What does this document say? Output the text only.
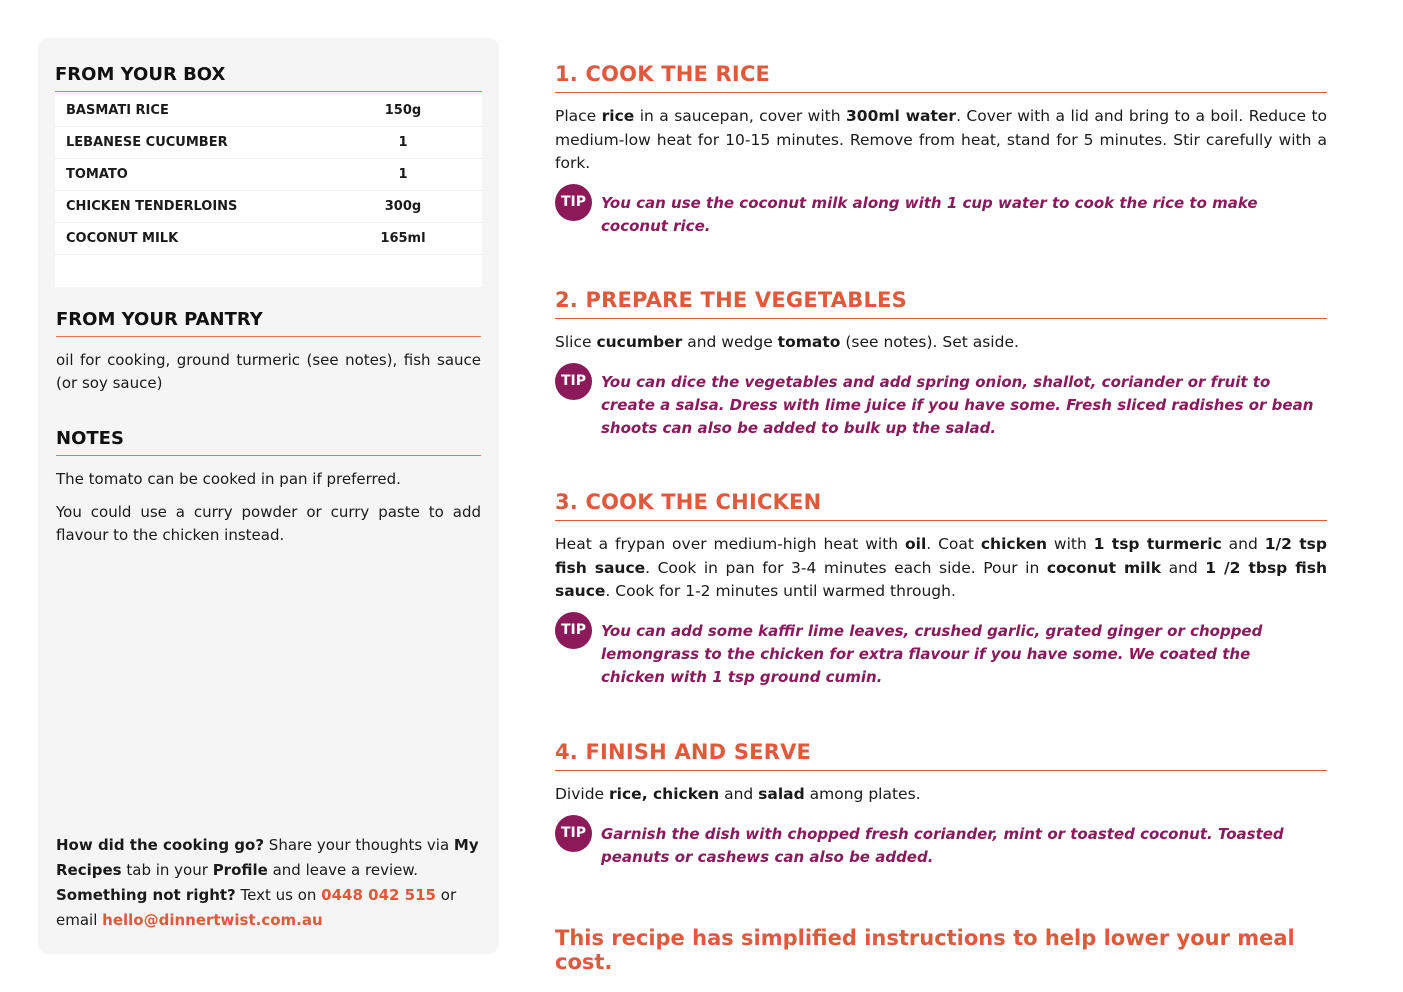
FROM YOUR BOX
BASMATI RICE	150g
LEBANESE CUCUMBER	1
TOMATO	1
CHICKEN TENDERLOINS	300g
COCONUT MILK	165ml
FROM YOUR PANTRY
oil for cooking, ground turmeric (see notes), fish sauce (or soy sauce)
NOTES
The tomato can be cooked in pan if preferred.
You could use a curry powder or curry paste to add flavour to the chicken instead.
How did the cooking go? Share your thoughts via My Recipes tab in your Profile and leave a review.
Something not right? Text us on 0448 042 515 or email hello@dinnertwist.com.au
1. COOK THE RICE
Place rice in a saucepan, cover with 300ml water. Cover with a lid and bring to a boil. Reduce to medium-low heat for 10-15 minutes. Remove from heat, stand for 5 minutes. Stir carefully with a fork.
TIP You can use the coconut milk along with 1 cup water to cook the rice to make coconut rice.
2. PREPARE THE VEGETABLES
Slice cucumber and wedge tomato (see notes). Set aside.
TIP You can dice the vegetables and add spring onion, shallot, coriander or fruit to create a salsa. Dress with lime juice if you have some. Fresh sliced radishes or bean shoots can also be added to bulk up the salad.
3. COOK THE CHICKEN
Heat a frypan over medium-high heat with oil. Coat chicken with 1 tsp turmeric and 1/2 tsp fish sauce. Cook in pan for 3-4 minutes each side. Pour in coconut milk and 1 /2 tbsp fish sauce. Cook for 1-2 minutes until warmed through.
TIP You can add some kaffir lime leaves, crushed garlic, grated ginger or chopped lemongrass to the chicken for extra flavour if you have some. We coated the chicken with 1 tsp ground cumin.
4. FINISH AND SERVE
Divide rice, chicken and salad among plates.
TIP Garnish the dish with chopped fresh coriander, mint or toasted coconut. Toasted peanuts or cashews can also be added.
This recipe has simplified instructions to help lower your meal cost.
